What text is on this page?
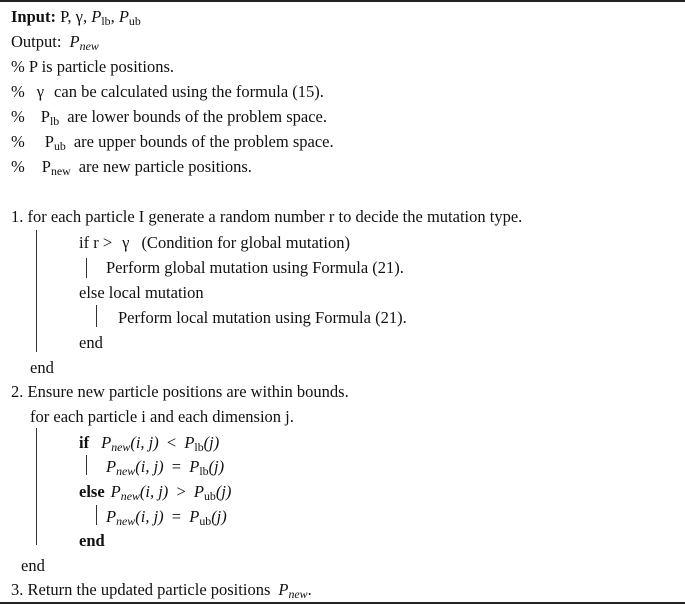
Input: P, γ, $P_{lb}$, $P_{ub}$
Output: $P_{new}$
% P is particle positions.
% γ can be calculated using the formula (15).
% $P_{lb}$ are lower bounds of the problem space.
% $P_{ub}$ are upper bounds of the problem space.
% $P_{new}$ are new particle positions.
1. for each particle I generate a random number r to decide the mutation type.
if r > γ (Condition for global mutation)
Perform global mutation using Formula (21).
else local mutation
Perform local mutation using Formula (21).
end
end
2. Ensure new particle positions are within bounds.
for each particle i and each dimension j.
if $P_{new}(i$, $j) < P_{lb}(j)$
$P_{new}(i$, $j) = P_{lb}(j)$
else $P_{new}(i$, $j) > P_{ub}(j)$
$P_{new}(i$, $j) = P_{ub}(j)$
end
end
3. Return the updated particle positions $P_{new}$.
